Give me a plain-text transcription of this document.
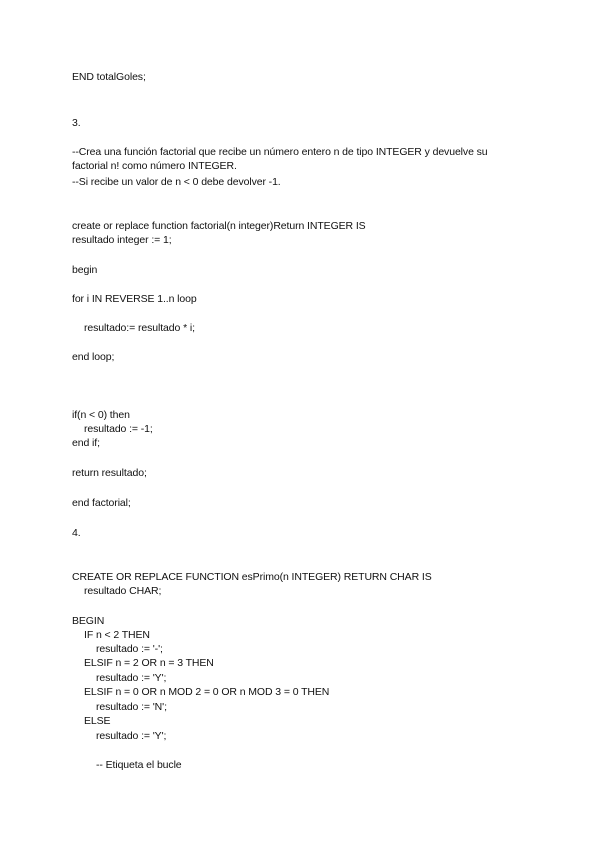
END totalGoles;
3.
--Crea una función factorial que recibe un número entero n de tipo INTEGER y devuelve su
factorial n! como número INTEGER.
--Si recibe un valor de n < 0 debe devolver -1.
create or replace function factorial(n integer)Return INTEGER IS
resultado integer := 1;
begin
for i IN REVERSE 1..n loop
resultado:= resultado * i;
end loop;
if(n < 0) then
resultado := -1;
end if;
return resultado;
end factorial;
4.
CREATE OR REPLACE FUNCTION esPrimo(n INTEGER) RETURN CHAR IS
resultado CHAR;
BEGIN
IF n < 2 THEN
resultado := '-';
ELSIF n = 2 OR n = 3 THEN
resultado := 'Y';
ELSIF n = 0 OR n MOD 2 = 0 OR n MOD 3 = 0 THEN
resultado := 'N';
ELSE
resultado := 'Y';
-- Etiqueta el bucle
